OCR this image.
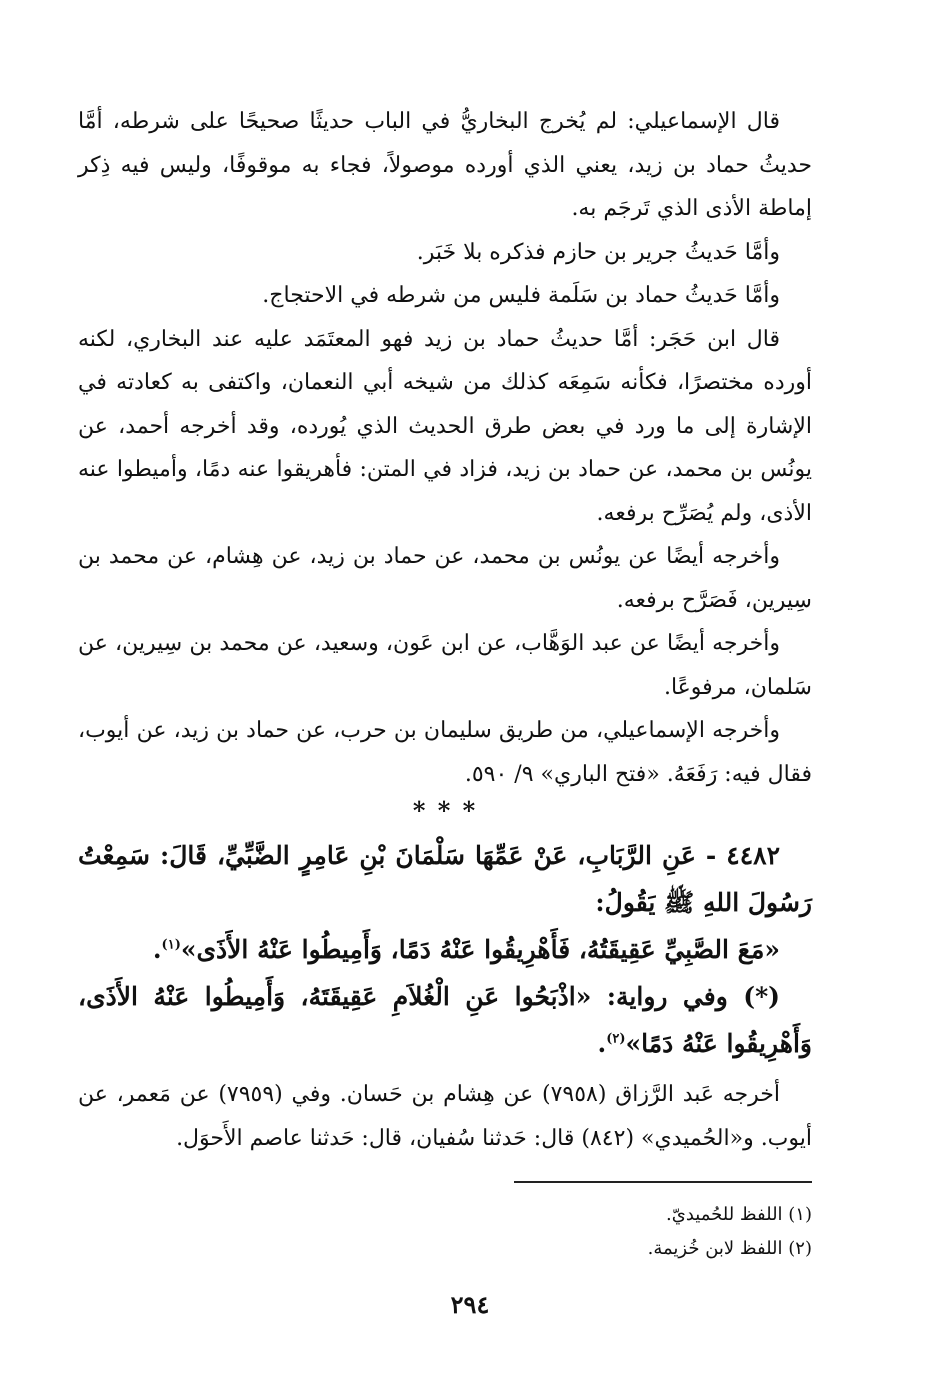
قال الإسماعيلي: لم يُخرج البخاريُّ في الباب حديثًا صحيحًا على شرطه، أمَّا حديثُ حماد بن زيد، يعني الذي أورده موصولاً، فجاء به موقوفًا، وليس فيه ذِكر إماطة الأذى الذي تَرجَم به.

وأمَّا حَديثُ جرير بن حازم فذكره بلا خَبَر.

وأمَّا حَديثُ حماد بن سَلَمة فليس من شرطه في الاحتجاج.

قال ابن حَجَر: أمَّا حديثُ حماد بن زيد فهو المعتَمَد عليه عند البخاري، لكنه أورده مختصرًا، فكأنه سَمِعَه كذلك من شيخه أبي النعمان، واكتفى به كعادته في الإشارة إلى ما ورد في بعض طرق الحديث الذي يُورده، وقد أخرجه أحمد، عن يونُس بن محمد، عن حماد بن زيد، فزاد في المتن: فأهريقوا عنه دمًا، وأميطوا عنه الأذى، ولم يُصَرِّح برفعه.

وأخرجه أيضًا عن يونُس بن محمد، عن حماد بن زيد، عن هِشام، عن محمد بن سِيرين، فَصَرَّح برفعه.

وأخرجه أيضًا عن عبد الوَهَّاب، عن ابن عَون، وسعيد، عن محمد بن سِيرين، عن سَلمان، مرفوعًا.

وأخرجه الإسماعيلي، من طريق سليمان بن حرب، عن حماد بن زيد، عن أيوب، فقال فيه: رَفَعَهُ. «فتح الباري» ٩/ ٥٩٠.

* * *

٤٤٨٢ - عَنِ الرَّبَابِ، عَنْ عَمِّهَا سَلْمَانَ بْنِ عَامِرٍ الضَّبِّيِّ، قَالَ: سَمِعْتُ رَسُولَ اللهِ ﷺ يَقُولُ:

«مَعَ الصَّبِيِّ عَقِيقَتُهُ، فَأَهْرِيقُوا عَنْهُ دَمًا، وَأَمِيطُوا عَنْهُ الأَذَى»$^{(١)}$.

(*) وفي رواية: «اذْبَحُوا عَنِ الْغُلاَمِ عَقِيقَتَهُ، وَأَمِيطُوا عَنْهُ الأَذَى، وَأَهْرِيقُوا عَنْهُ دَمًا»$^{(٢)}$.

أخرجه عَبد الرَّزاق (٧٩٥٨) عن هِشام بن حَسان. وفي (٧٩٥٩) عن مَعمر، عن أيوب. و«الحُميدي» (٨٤٢) قال: حَدثنا سُفيان، قال: حَدثنا عاصم الأَحوَل.

(١) اللفظ للحُميديّ.

(٢) اللفظ لابن خُزيمة.

٢٩٤
